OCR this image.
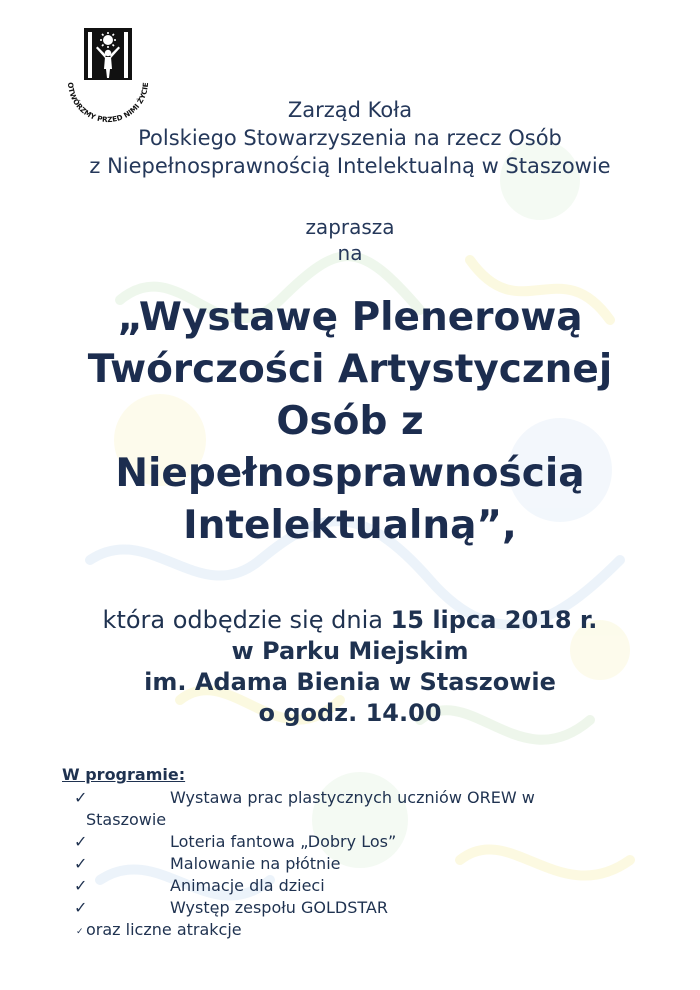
OTWÓRZMY PRZED NIMI ŻYCIE
Zarząd Koła
Polskiego Stowarzyszenia na rzecz Osób
z Niepełnosprawnością Intelektualną w Staszowie
zaprasza
na
„Wystawę Plenerową
Twórczości Artystycznej
Osób z
Niepełnosprawnością
Intelektualną”,
która odbędzie się dnia 15 lipca 2018 r.
w Parku Miejskim
im. Adama Bienia w Staszowie
o godz. 14.00
W programie:
✓	Wystawa prac plastycznych uczniów OREW w
Staszowie
✓	Loteria fantowa „Dobry Los”
✓	Malowanie na płótnie
✓	Animacje dla dzieci
✓	Występ zespołu GOLDSTAR
✓ oraz liczne atrakcje
